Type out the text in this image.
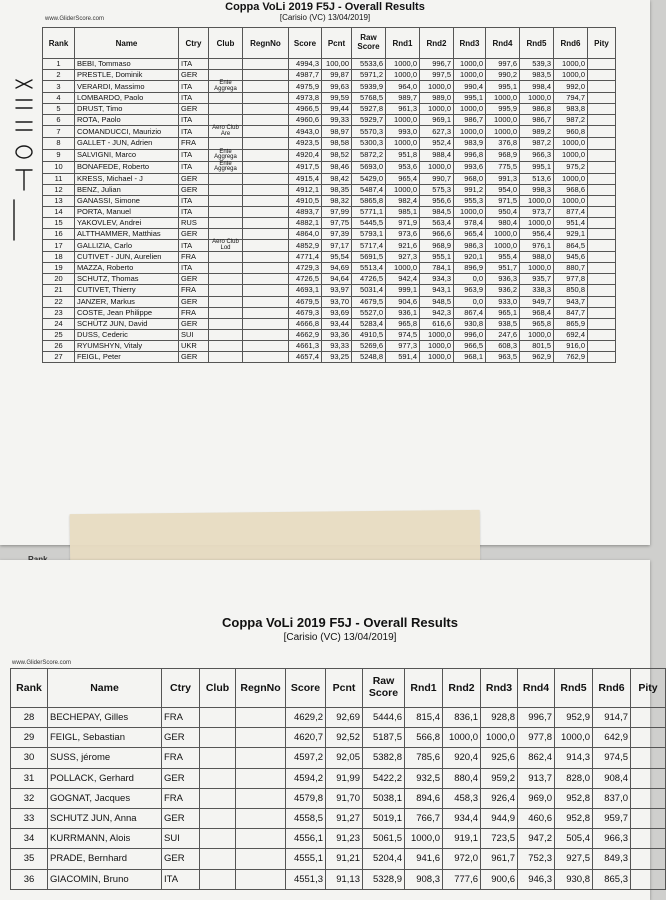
Coppa VoLi 2019 F5J - Overall Results
[Carisio (VC) 13/04/2019]
www.GliderScore.com
Rank	Name	Ctry	Club	RegnNo	Score	Pcnt	Raw Score	Rnd1	Rnd2	Rnd3	Rnd4	Rnd5	Rnd6	Pity
1	BEBI, Tommaso	ITA			4994,3	100,00	5533,6	1000,0	996,7	1000,0	997,6	539,3	1000,0	
2	PRESTLE, Dominik	GER			4987,7	99,87	5971,2	1000,0	997,5	1000,0	990,2	983,5	1000,0	
3	VERARDI, Massimo	ITA	Ente Aggrega		4975,9	99,63	5939,9	964,0	1000,0	990,4	995,1	998,4	992,0	
4	LOMBARDO, Paolo	ITA			4973,8	99,59	5768,5	989,7	989,0	995,1	1000,0	1000,0	794,7	
5	DRUST, Timo	GER			4966,5	99,44	5927,8	961,3	1000,0	1000,0	995,9	986,8	983,8	
6	ROTA, Paolo	ITA			4960,6	99,33	5929,7	1000,0	969,1	986,7	1000,0	986,7	987,2	
7	COMANDUCCI, Maurizio	ITA	Aero Club Are		4943,0	98,97	5570,3	993,0	627,3	1000,0	1000,0	989,2	960,8	
8	GALLET - JUN, Adrien	FRA			4923,5	98,58	5300,3	1000,0	952,4	983,9	376,8	987,2	1000,0	
9	SALVIGNI, Marco	ITA	Ente Aggrega		4920,4	98,52	5872,2	951,8	988,4	996,8	968,9	966,3	1000,0	
10	BONAFEDE, Roberto	ITA	Ente Aggrega		4917,5	98,46	5693,0	953,6	1000,0	993,6	775,5	995,1	975,2	
11	KRESS, Michael - J	GER			4915,4	98,42	5429,0	965,4	990,7	968,0	991,3	513,6	1000,0	
12	BENZ, Julian	GER			4912,1	98,35	5487,4	1000,0	575,3	991,2	954,0	998,3	968,6	
13	GANASSI, Simone	ITA			4910,5	98,32	5865,8	982,4	956,6	955,3	971,5	1000,0	1000,0	
14	PORTA, Manuel	ITA			4893,7	97,99	5771,1	985,1	984,5	1000,0	950,4	973,7	877,4	
15	YAKOVLEV, Andrei	RUS			4882,1	97,75	5445,5	971,9	563,4	978,4	980,4	1000,0	951,4	
16	ALTTHAMMER, Matthias	GER			4864,0	97,39	5793,1	973,6	966,6	965,4	1000,0	956,4	929,1	
17	GALLIZIA, Carlo	ITA	Aero Club Lod		4852,9	97,17	5717,4	921,6	968,9	986,3	1000,0	976,1	864,5	
18	CUTIVET - JUN, Aurelien	FRA			4771,4	95,54	5691,5	927,3	955,1	920,1	955,4	988,0	945,6	
19	MAZZA, Roberto	ITA			4729,3	94,69	5513,4	1000,0	784,1	896,9	951,7	1000,0	880,7	
20	SCHUTZ, Thomas	GER			4726,5	94,64	4726,5	942,4	934,3	0,0	936,3	935,7	977,8	
21	CUTIVET, Thierry	FRA			4693,1	93,97	5031,4	999,1	943,1	963,9	936,2	338,3	850,8	
22	JANZER, Markus	GER			4679,5	93,70	4679,5	904,6	948,5	0,0	933,0	949,7	943,7	
23	COSTE, Jean Philippe	FRA			4679,3	93,69	5527,0	936,1	942,3	867,4	965,1	968,4	847,7	
24	SCHÜTZ JUN, David	GER			4666,8	93,44	5283,4	965,8	616,6	930,8	938,5	965,8	865,9	
25	DUSS, Cederic	SUI			4662,9	93,36	4910,5	974,5	1000,0	996,0	247,6	1000,0	692,4	
26	RYUMSHYN, Vitaly	UKR			4661,3	93,33	5269,6	977,3	1000,0	966,5	608,3	801,5	916,0	
27	FEIGL, Peter	GER			4657,4	93,25	5248,8	591,4	1000,0	968,1	963,5	962,9	762,9	
Coppa VoLi 2019 F5J - Overall Results
[Carisio (VC) 13/04/2019]
www.GliderScore.com
Rank	Name	Ctry	Club	RegnNo	Score	Pcnt	Raw Score	Rnd1	Rnd2	Rnd3	Rnd4	Rnd5	Rnd6	Pity
28	BECHEPAY, Gilles	FRA			4629,2	92,69	5444,6	815,4	836,1	928,8	996,7	952,9	914,7	
29	FEIGL, Sebastian	GER			4620,7	92,52	5187,5	566,8	1000,0	1000,0	977,8	1000,0	642,9	
30	SUSS, jérome	FRA			4597,2	92,05	5382,8	785,6	920,4	925,6	862,4	914,3	974,5	
31	POLLACK, Gerhard	GER			4594,2	91,99	5422,2	932,5	880,4	959,2	913,7	828,0	908,4	
32	GOGNAT, Jacques	FRA			4579,8	91,70	5038,1	894,6	458,3	926,4	969,0	952,8	837,0	
33	SCHUTZ JUN, Anna	GER			4558,5	91,27	5019,1	766,7	934,4	944,9	460,6	952,8	959,7	
34	KURRMANN, Alois	SUI			4556,1	91,23	5061,5	1000,0	919,1	723,5	947,2	505,4	966,3	
35	PRADE, Bernhard	GER			4555,1	91,21	5204,4	941,6	972,0	961,7	752,3	927,5	849,3	
36	GIACOMIN, Bruno	ITA			4551,3	91,13	5328,9	908,3	777,6	900,6	946,3	930,8	865,3	
